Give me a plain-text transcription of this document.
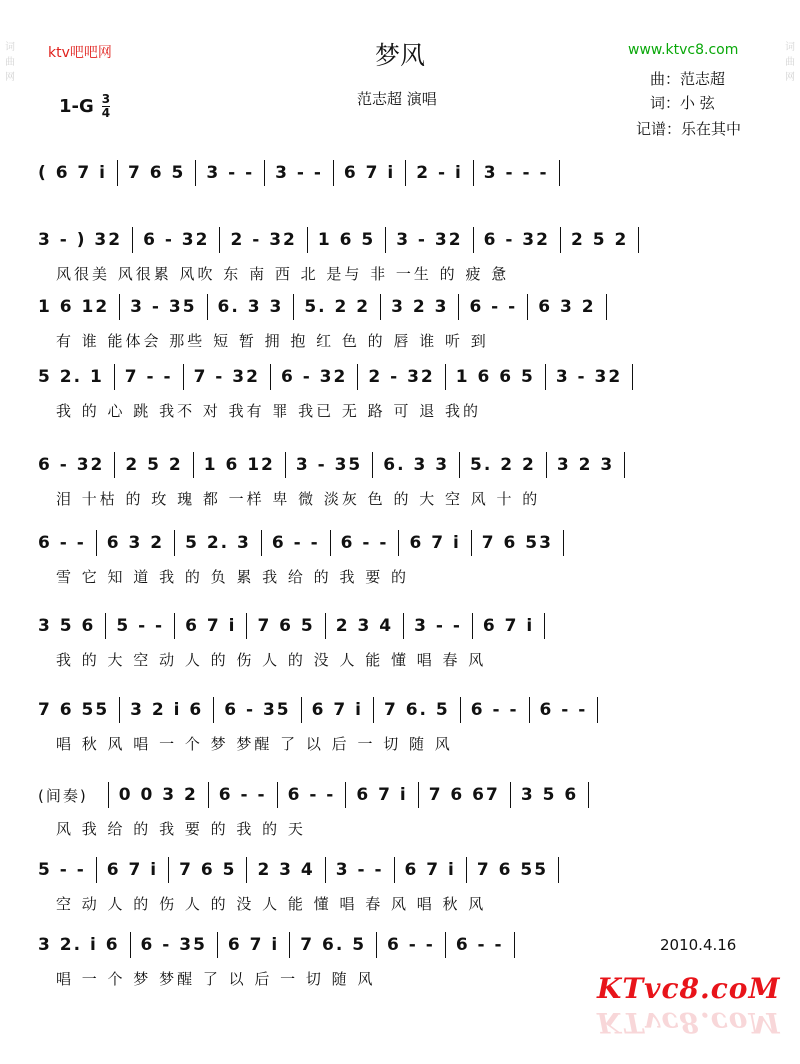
词曲网
词曲网
ktv吧吧网	梦风	www.ktvc8.com
范志超 演唱
1-G 3
4
曲：范志超
词：小 弦
记谱：乐在其中
( 6 7 i 7 6 5 3 - - 3 - - 6 7 i 2 - i 3 - - -
3 - ) 32 6 - 32 2 - 32 1 6 5 3 - 32 6 - 32 2 5 2
风很美 风很累 风吹 东 南 西 北 是与 非 一生 的 疲 惫
1 6 12 3 - 35 6. 3 3 5. 2 2 3 2 3 6 - - 6 3 2
有 谁 能体会 那些 短 暂 拥 抱 红 色 的 唇 谁 听 到
5 2. 1 7 - - 7 - 32 6 - 32 2 - 32 1 6 6 5 3 - 32
我 的 心 跳 我不 对 我有 罪 我已 无 路 可 退 我的
6 - 32 2 5 2 1 6 12 3 - 35 6. 3 3 5. 2 2 3 2 3
泪 十枯 的 玫 瑰 都 一样 卑 微 淡灰 色 的 大 空 风 十 的
6 - - 6 3 2 5 2. 3 6 - - 6 - - 6 7 i 7 6 53
雪 它 知 道 我 的 负 累 我 给 的 我 要 的
3 5 6 5 - - 6 7 i 7 6 5 2 3 4 3 - - 6 7 i
我 的 大 空 动 人 的 伤 人 的 没 人 能 懂 唱 春 风
7 6 55 3 2 i 6 6 - 35 6 7 i 7 6. 5 6 - - 6 - -
唱 秋 风 唱 一 个 梦 梦醒 了 以 后 一 切 随 风
(间奏) 0 0 3 2 6 - - 6 - - 6 7 i 7 6 67 3 5 6
风 我 给 的 我 要 的 我 的 天
5 - - 6 7 i 7 6 5 2 3 4 3 - - 6 7 i 7 6 55
空 动 人 的 伤 人 的 没 人 能 懂 唱 春 风 唱 秋 风
3 2. i 6 6 - 35 6 7 i 7 6. 5 6 - - 6 - -
唱 一 个 梦 梦醒 了 以 后 一 切 随 风
2010.4.16
KTvc8.coM
KTvc8.coM
